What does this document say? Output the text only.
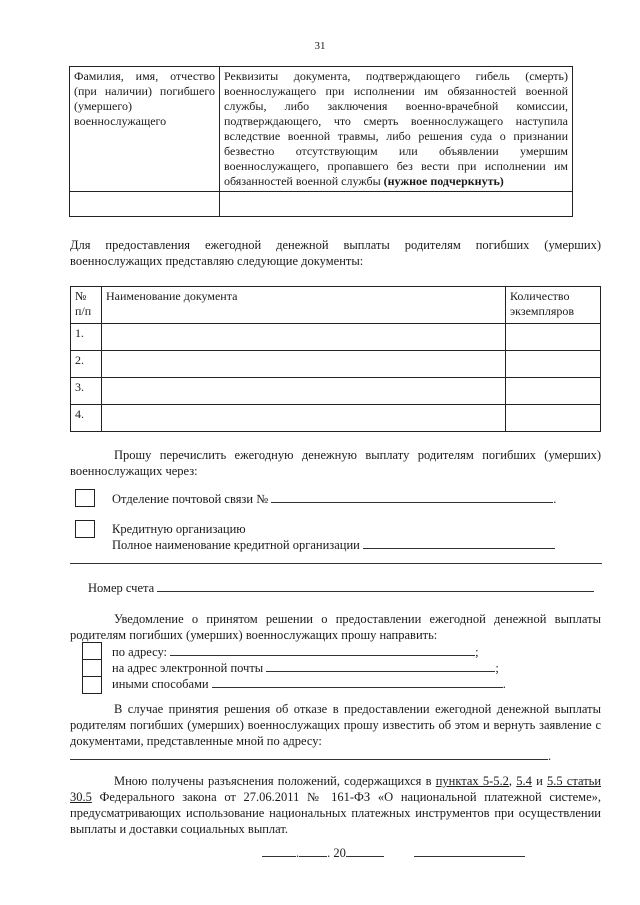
31
Фамилия, имя, отчество (при наличии) погибшего (умершего) военнослужащего	Реквизиты документа, подтверждающего гибель (смерть) военнослужащего при исполнении им обязанностей военной службы, либо заключения военно-врачебной комиссии, подтверждающего, что смерть военнослужащего наступила вследствие военной травмы, либо решения суда о признании безвестно отсутствующим или объявлении умершим военнослужащего, пропавшего без вести при исполнении им обязанностей военной службы (нужное подчеркнуть)

Для предоставления ежегодной денежной выплаты родителям погибших (умерших) военнослужащих представляю следующие документы:
№ п/п	Наименование документа	Количество экземпляров
1.		
2.		
3.		
4.		
Прошу перечислить ежегодную денежную выплату родителям погибших (умерших) военнослужащих через:
Отделение почтовой связи №	.
Кредитную организацию
Полное наименование кредитной организации
Номер счета
Уведомление о принятом решении о предоставлении ежегодной денежной выплаты родителям погибших (умерших) военнослужащих прошу направить:
по адресу:	;
на адрес электронной почты	;
иными способами	.
В случае принятия решения об отказе в предоставлении ежегодной денежной выплаты родителям погибших (умерших) военнослужащих прошу известить об этом и вернуть заявление с документами, представленные мной по адресу:
.
Мною получены разъяснения положений, содержащихся в пунктах 5-5.2, 5.4 и 5.5 статьи 30.5 Федерального закона от 27.06.2011 № 161-ФЗ «О национальной платежной системе», предусматривающих использование национальных платежных инструментов при осуществлении выплаты и доставки социальных выплат.
. . 20
